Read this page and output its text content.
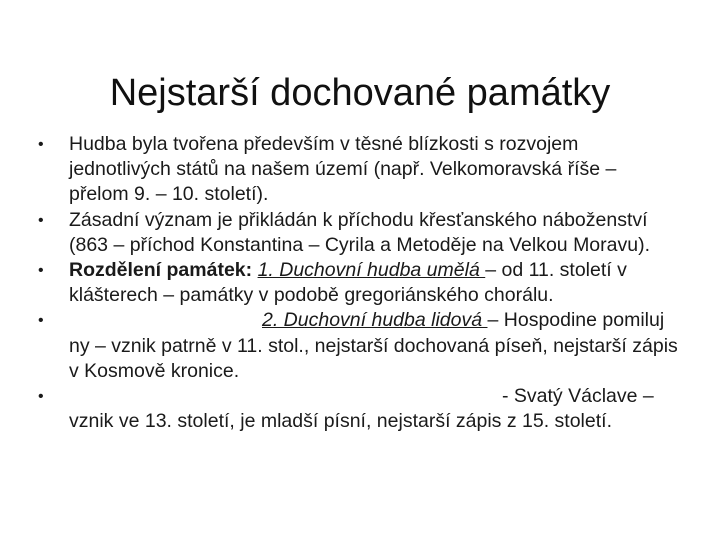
Nejstarší dochované památky
•	Hudba byla tvořena především v těsné blízkosti s rozvojem jednotlivých států na našem území (např. Velkomoravská říše – přelom 9. – 10. století).
•	Zásadní význam je přikládán k příchodu křesťanského náboženství (863 – příchod Konstantina – Cyrila a Metoděje na Velkou Moravu).
•	Rozdělení památek: 1. Duchovní hudba umělá – od 11. století v klášterech – památky v podobě gregoriánského chorálu.
•	2. Duchovní hudba lidová – Hospodine pomiluj ny – vznik patrně v 11. stol., nejstarší dochovaná píseň, nejstarší zápis v Kosmově kronice.
•	- Svatý Václave – vznik ve 13. století, je mladší písní, nejstarší zápis z 15. století.
